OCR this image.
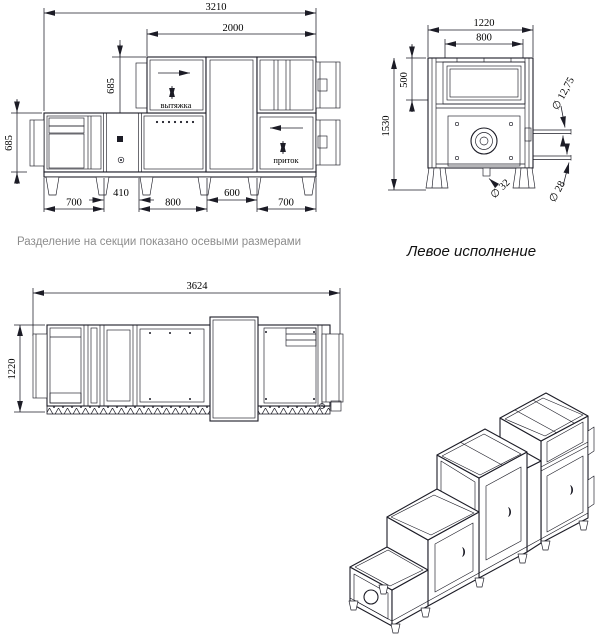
3210
2000
685
685
вытяжка
приток
410	600
700	800	700
1220
800
500
1530
∅ 12,75
∅ 28
∅ 32
3624
1220
Разделение на секции показано осевыми размерами
Левое исполнение
